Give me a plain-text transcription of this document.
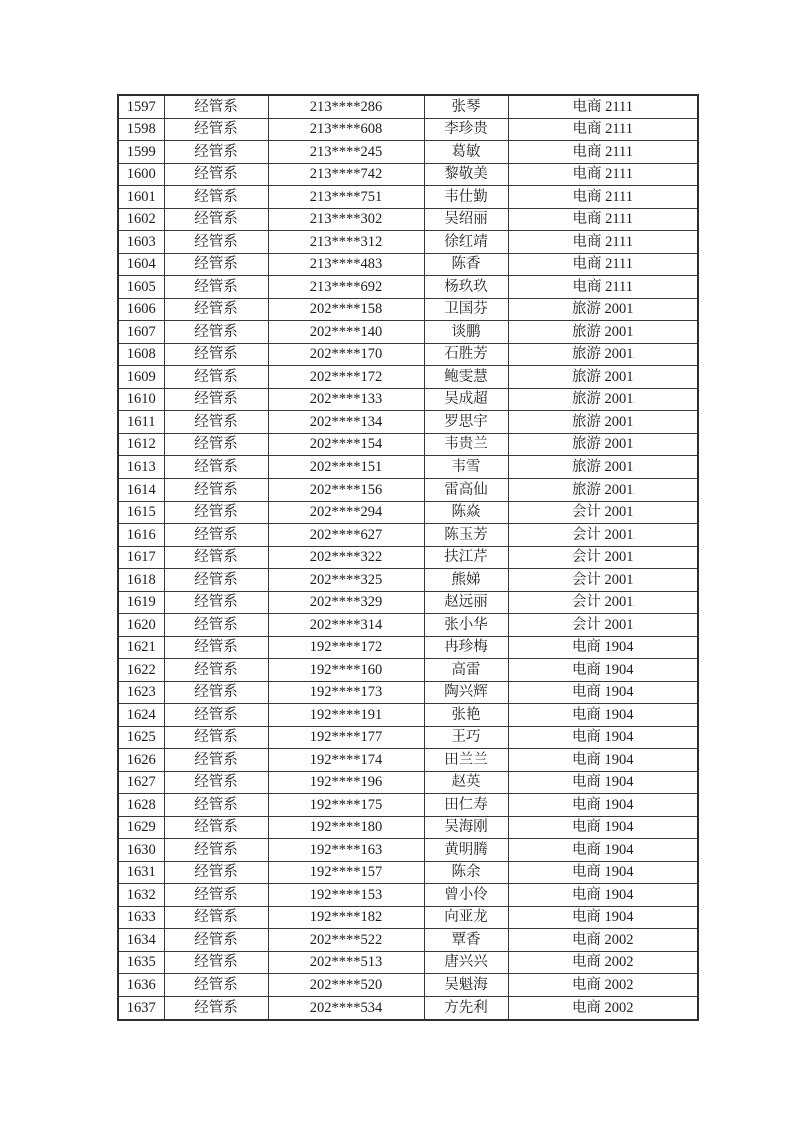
1597	经管系	213****286	张琴	电商 2111
1598	经管系	213****608	李珍贵	电商 2111
1599	经管系	213****245	葛敏	电商 2111
1600	经管系	213****742	黎敬美	电商 2111
1601	经管系	213****751	韦仕勤	电商 2111
1602	经管系	213****302	吴绍丽	电商 2111
1603	经管系	213****312	徐红靖	电商 2111
1604	经管系	213****483	陈香	电商 2111
1605	经管系	213****692	杨玖玖	电商 2111
1606	经管系	202****158	卫国芬	旅游 2001
1607	经管系	202****140	谈鹏	旅游 2001
1608	经管系	202****170	石胜芳	旅游 2001
1609	经管系	202****172	鲍雯慧	旅游 2001
1610	经管系	202****133	吴成超	旅游 2001
1611	经管系	202****134	罗思宇	旅游 2001
1612	经管系	202****154	韦贵兰	旅游 2001
1613	经管系	202****151	韦雪	旅游 2001
1614	经管系	202****156	雷高仙	旅游 2001
1615	经管系	202****294	陈焱	会计 2001
1616	经管系	202****627	陈玉芳	会计 2001
1617	经管系	202****322	扶江芹	会计 2001
1618	经管系	202****325	熊娣	会计 2001
1619	经管系	202****329	赵远丽	会计 2001
1620	经管系	202****314	张小华	会计 2001
1621	经管系	192****172	冉珍梅	电商 1904
1622	经管系	192****160	高雷	电商 1904
1623	经管系	192****173	陶兴辉	电商 1904
1624	经管系	192****191	张艳	电商 1904
1625	经管系	192****177	王巧	电商 1904
1626	经管系	192****174	田兰兰	电商 1904
1627	经管系	192****196	赵英	电商 1904
1628	经管系	192****175	田仁寿	电商 1904
1629	经管系	192****180	吴海刚	电商 1904
1630	经管系	192****163	黄明腾	电商 1904
1631	经管系	192****157	陈余	电商 1904
1632	经管系	192****153	曾小伶	电商 1904
1633	经管系	192****182	向亚龙	电商 1904
1634	经管系	202****522	覃香	电商 2002
1635	经管系	202****513	唐兴兴	电商 2002
1636	经管系	202****520	吴魁海	电商 2002
1637	经管系	202****534	方先利	电商 2002
